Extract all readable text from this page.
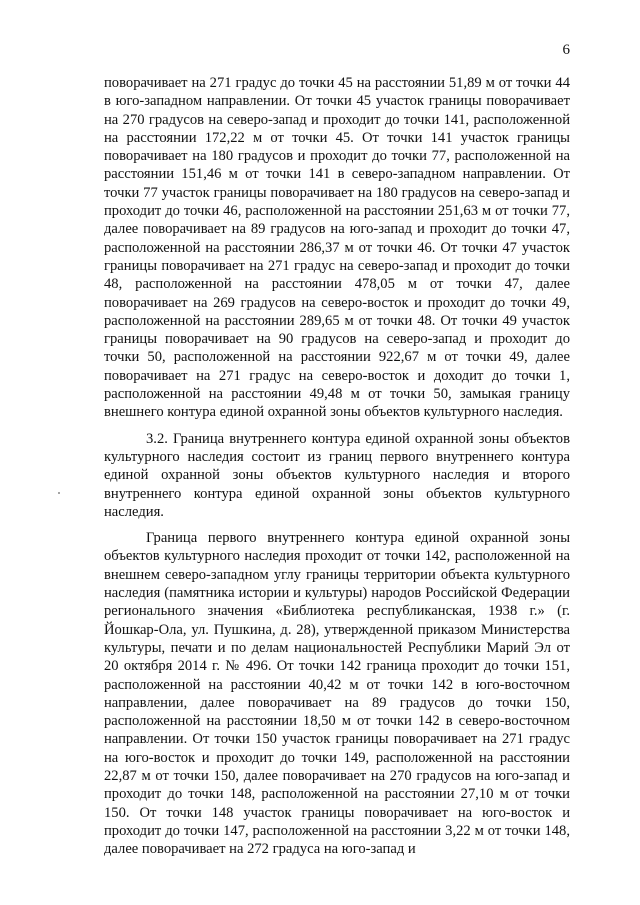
6

поворачивает на 271 градус до точки 45 на расстоянии 51,89 м от точки 44 в юго-западном направлении. От точки 45 участок границы поворачивает на 270 градусов на северо-запад и проходит до точки 141, расположенной на расстоянии 172,22 м от точки 45. От точки 141 участок границы поворачивает на 180 градусов и проходит до точки 77, расположенной на расстоянии 151,46 м от точки 141 в северо-западном направлении. От точки 77 участок границы поворачивает на 180 градусов на северо-запад и проходит до точки 46, расположенной на расстоянии 251,63 м от точки 77, далее поворачивает на 89 градусов на юго-запад и проходит до точки 47, расположенной на расстоянии 286,37 м от точки 46. От точки 47 участок границы поворачивает на 271 градус на северо-запад и проходит до точки 48, расположенной на расстоянии 478,05 м от точки 47, далее поворачивает на 269 градусов на северо-восток и проходит до точки 49, расположенной на расстоянии 289,65 м от точки 48. От точки 49 участок границы поворачивает на 90 градусов на северо-запад и проходит до точки 50, расположенной на расстоянии 922,67 м от точки 49, далее поворачивает на 271 градус на северо-восток и доходит до точки 1, расположенной на расстоянии 49,48 м от точки 50, замыкая границу внешнего контура единой охранной зоны объектов культурного наследия.

3.2. Граница внутреннего контура единой охранной зоны объектов культурного наследия состоит из границ первого внутреннего контура единой охранной зоны объектов культурного наследия и второго внутреннего контура единой охранной зоны объектов культурного наследия.

Граница первого внутреннего контура единой охранной зоны объектов культурного наследия проходит от точки 142, расположенной на внешнем северо-западном углу границы территории объекта культурного наследия (памятника истории и культуры) народов Российской Федерации регионального значения «Библиотека республиканская, 1938 г.» (г. Йошкар-Ола, ул. Пушкина, д. 28), утвержденной приказом Министерства культуры, печати и по делам национальностей Республики Марий Эл от 20 октября 2014 г. № 496. От точки 142 граница проходит до точки 151, расположенной на расстоянии 40,42 м от точки 142 в юго-восточном направлении, далее поворачивает на 89 градусов до точки 150, расположенной на расстоянии 18,50 м от точки 142 в северо-восточном направлении. От точки 150 участок границы поворачивает на 271 градус на юго-восток и проходит до точки 149, расположенной на расстоянии 22,87 м от точки 150, далее поворачивает на 270 градусов на юго-запад и проходит до точки 148, расположенной на расстоянии 27,10 м от точки 150. От точки 148 участок границы поворачивает на юго-восток и проходит до точки 147, расположенной на расстоянии 3,22 м от точки 148, далее поворачивает на 272 градуса на юго-запад и
